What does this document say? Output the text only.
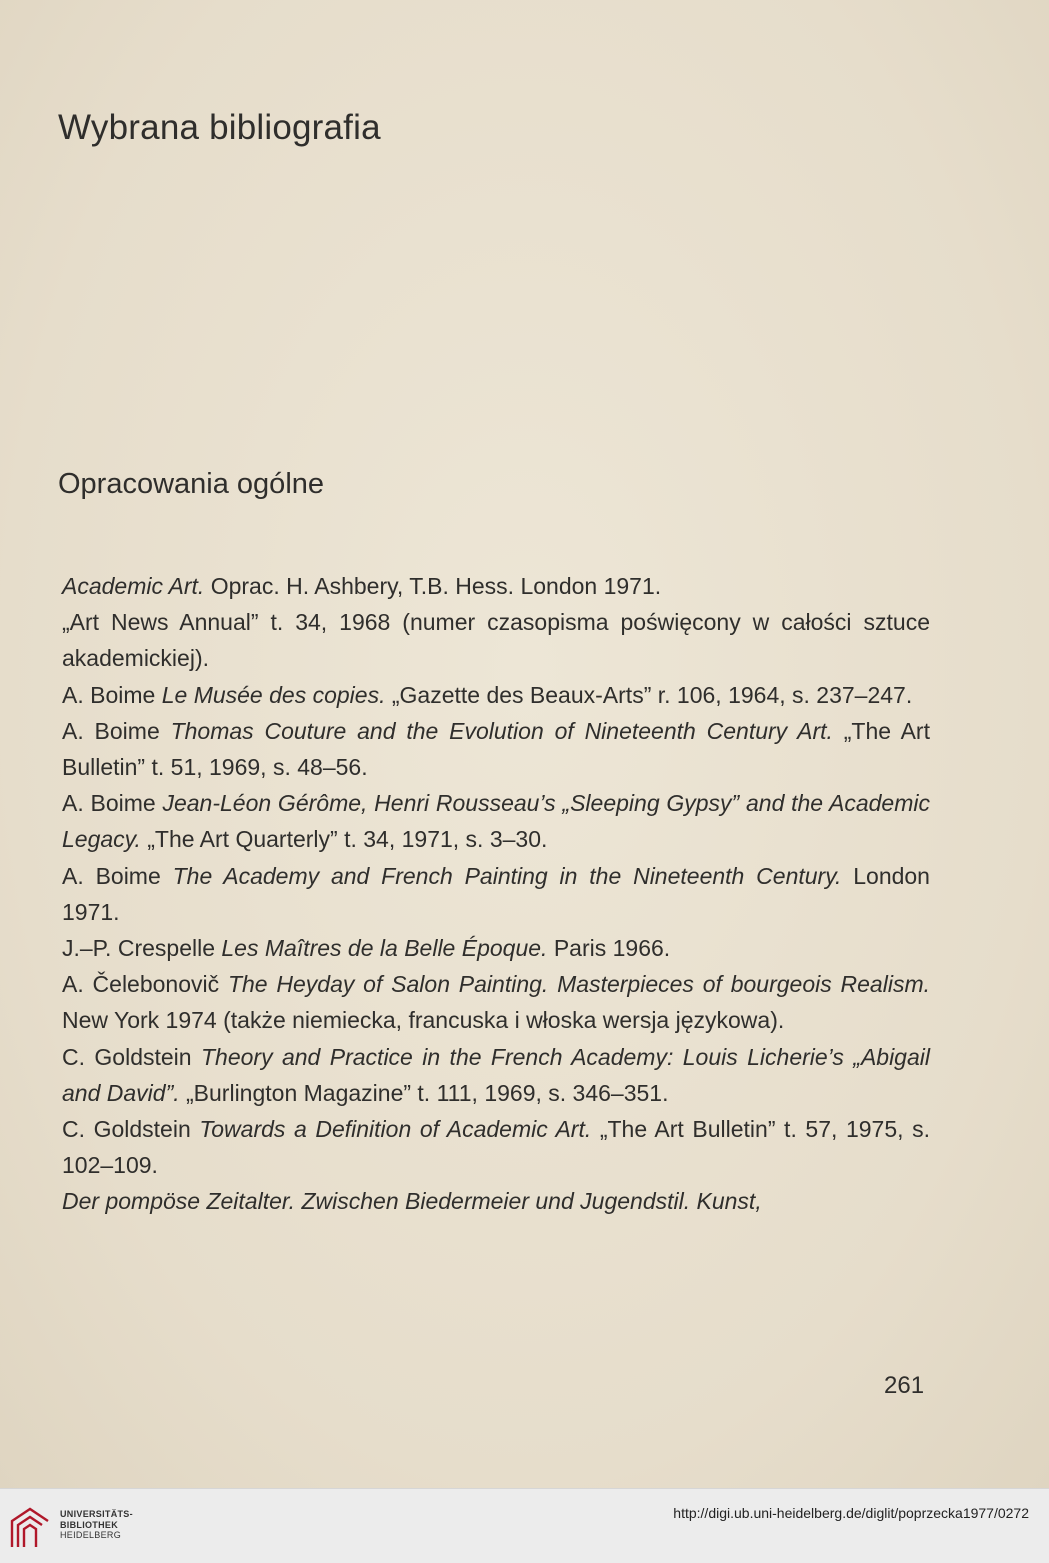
Wybrana bibliografia
Opracowania ogólne

Academic Art. Oprac. H. Ashbery, T.B. Hess. London 1971.

„Art News Annual” t. 34, 1968 (numer czasopisma poświęcony w całości sztuce akademickiej).

A. Boime Le Musée des copies. „Gazette des Beaux-Arts” r. 106, 1964, s. 237–247.

A. Boime Thomas Couture and the Evolution of Nineteenth Century Art. „The Art Bulletin” t. 51, 1969, s. 48–56.

A. Boime Jean-Léon Gérôme, Henri Rousseau’s „Sleeping Gypsy” and the Academic Legacy. „The Art Quarterly” t. 34, 1971, s. 3–30.

A. Boime The Academy and French Painting in the Nineteenth Century. London 1971.

J.–P. Crespelle Les Maîtres de la Belle Époque. Paris 1966.

A. Čelebonovič The Heyday of Salon Painting. Masterpieces of bourgeois Realism. New York 1974 (także niemiecka, francuska i włoska wersja językowa).

C. Goldstein Theory and Practice in the French Academy: Louis Licherie’s „Abigail and David”. „Burlington Magazine” t. 111, 1969, s. 346–351.

C. Goldstein Towards a Definition of Academic Art. „The Art Bulletin” t. 57, 1975, s. 102–109.

Der pompöse Zeitalter. Zwischen Biedermeier und Jugendstil. Kunst,

261
UNIVERSITÄTS-
BIBLIOTHEK
HEIDELBERG
http://digi.ub.uni-heidelberg.de/diglit/poprzecka1977/0272
